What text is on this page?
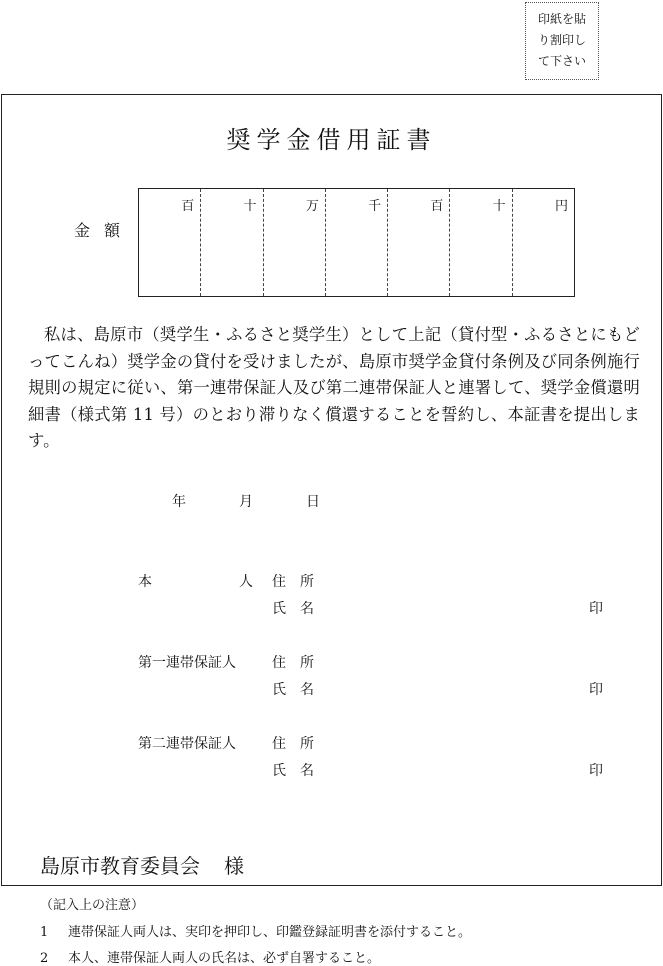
印紙を貼
り割印し
て下さい
奨学金借用証書
金額
百	十	万	千	百	十	円
私は、島原市（奨学生・ふるさと奨学生）として上記（貸付型・ふるさとにもどってこんね）奨学金の貸付を受けましたが、島原市奨学金貸付条例及び同条例施行規則の規定に従い、第一連帯保証人及び第二連帯保証人と連署して、奨学金償還明細書（様式第 11 号）のとおり滞りなく償還することを誓約し、本証書を提出します。
年	月	日
本	人 住　所
氏　名	印
第一連帯保証人	住　所
氏　名	印
第二連帯保証人	住　所
氏　名	印
島原市教育委員会 様
（記入上の注意）
1 連帯保証人両人は、実印を押印し、印鑑登録証明書を添付すること。
2 本人、連帯保証人両人の氏名は、必ず自署すること。
